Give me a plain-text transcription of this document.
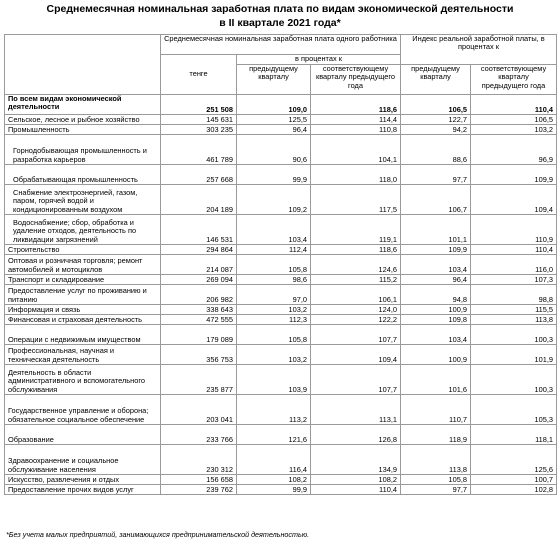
Среднемесячная номинальная заработная плата по видам экономической деятельности
в II квартале 2021 года*
	Среднемесячная номинальная заработная плата одного работника			Индекс реальной заработной платы, в процентах к	
	тенге	в процентах к			
		предыдущему кварталу	соответствующему кварталу предыдущего года	предыдущему кварталу	соответствующему кварталу предыдущего года
По всем видам экономической деятельности	251 508	109,0	118,6	106,5	110,4
Сельское, лесное и рыбное хозяйство	145 631	125,5	114,4	122,7	106,5
Промышленность	303 235	96,4	110,8	94,2	103,2
Горнодобывающая промышленность и разработка карьеров	461 789	90,6	104,1	88,6	96,9
Обрабатывающая промышленность	257 668	99,9	118,0	97,7	109,9
Снабжение электроэнергией, газом, паром, горячей водой и кондиционированным воздухом	204 189	109,2	117,5	106,7	109,4
Водоснабжение; сбор, обработка и удаление отходов, деятельность по ликвидации загрязнений	146 531	103,4	119,1	101,1	110,9
Строительство	294 864	112,4	118,6	109,9	110,4
Оптовая и розничная торговля; ремонт автомобилей и мотоциклов	214 087	105,8	124,6	103,4	116,0
Транспорт и складирование	269 094	98,6	115,2	96,4	107,3
Предоставление услуг по проживанию и питанию	206 982	97,0	106,1	94,8	98,8
Информация и связь	338 643	103,2	124,0	100,9	115,5
Финансовая и страховая деятельность	472 555	112,3	122,2	109,8	113,8
Операции с недвижимым имуществом	179 089	105,8	107,7	103,4	100,3
Профессиональная, научная и техническая деятельность	356 753	103,2	109,4	100,9	101,9
Деятельность в области административного и вспомогательного обслуживания	235 877	103,9	107,7	101,6	100,3
Государственное управление и оборона; обязательное социальное обеспечение	203 041	113,2	113,1	110,7	105,3
Образование	233 766	121,6	126,8	118,9	118,1
Здравоохранение и социальное обслуживание населения	230 312	116,4	134,9	113,8	125,6
Искусство, развлечения и отдых	156 658	108,2	108,2	105,8	100,7
Предоставление прочих видов услуг	239 762	99,9	110,4	97,7	102,8
*Без учета малых предприятий, занимающихся предпринимательской деятельностью.
